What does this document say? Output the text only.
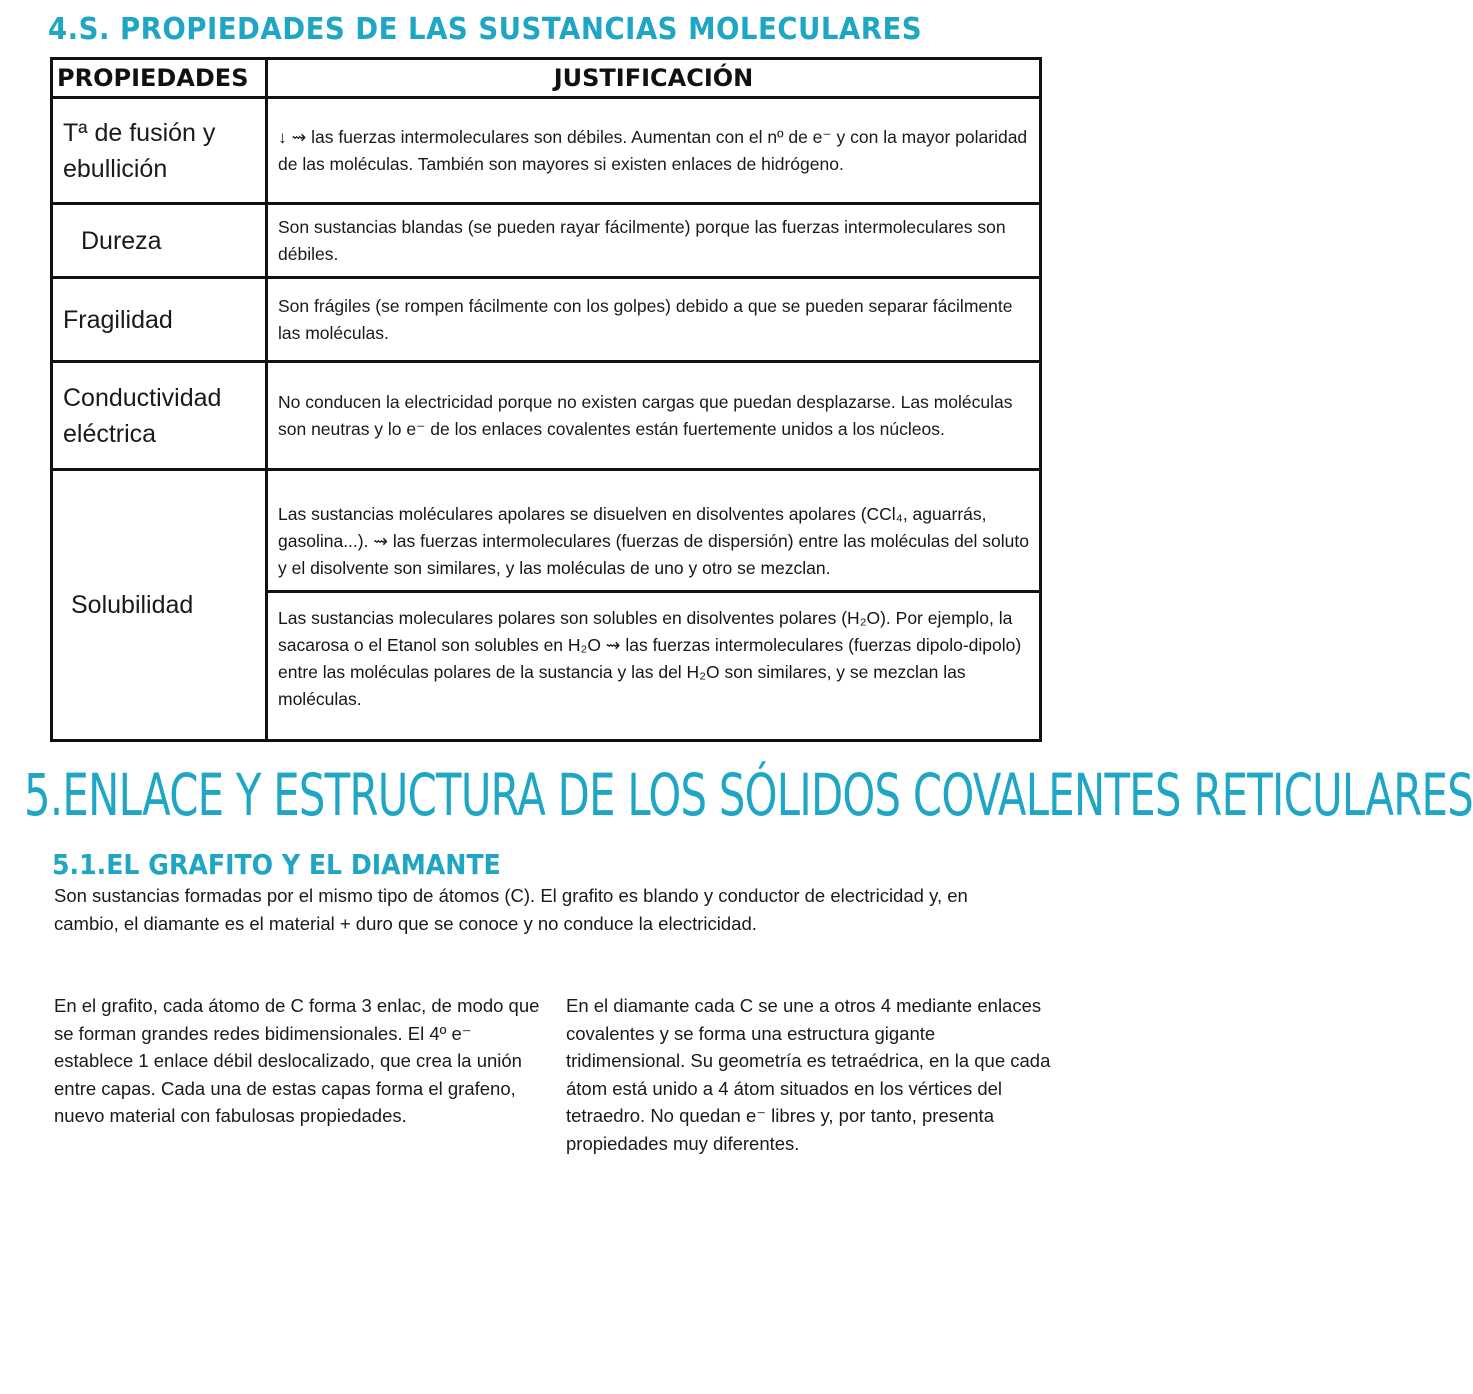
4.S. PROPIEDADES DE LAS SUSTANCIAS MOLECULARES
PROPIEDADES	JUSTIFICACIÓN
Tª de fusión y ebullición	↓ ⇝ las fuerzas intermoleculares son débiles. Aumentan con el nº de e⁻ y con la mayor polaridad de las moléculas. También son mayores si existen enlaces de hidrógeno.
Dureza	Son sustancias blandas (se pueden rayar fácilmente) porque las fuerzas intermoleculares son débiles.
Fragilidad	Son frágiles (se rompen fácilmente con los golpes) debido a que se pueden separar fácilmente las moléculas.
Conductividad eléctrica	No conducen la electricidad porque no existen cargas que puedan desplazarse. Las moléculas son neutras y lo e⁻ de los enlaces covalentes están fuertemente unidos a los núcleos.
Solubilidad	Las sustancias moléculares apolares se disuelven en disolventes apolares (CCl₄, aguarrás, gasolina...). ⇝ las fuerzas intermoleculares (fuerzas de dispersión) entre las moléculas del soluto y el disolvente son similares, y las moléculas de uno y otro se mezclan.
Las sustancias moleculares polares son solubles en disolventes polares (H₂O). Por ejemplo, la sacarosa o el Etanol son solubles en H₂O ⇝ las fuerzas intermoleculares (fuerzas dipolo-dipolo) entre las moléculas polares de la sustancia y las del H₂O son similares, y se mezclan las moléculas.
5.ENLACE Y ESTRUCTURA DE LOS SÓLIDOS COVALENTES RETICULARES
5.1.EL GRAFITO Y EL DIAMANTE
Son sustancias formadas por el mismo tipo de átomos (C). El grafito es blando y conductor de electricidad y, en cambio, el diamante es el material + duro que se conoce y no conduce la electricidad.
En el grafito, cada átomo de C forma 3 enlac, de modo que se forman grandes redes bidimensionales. El 4º e⁻ establece 1 enlace débil deslocalizado, que crea la unión entre capas. Cada una de estas capas forma el grafeno, nuevo material con fabulosas propiedades.
En el diamante cada C se une a otros 4 mediante enlaces covalentes y se forma una estructura gigante tridimensional. Su geometría es tetraédrica, en la que cada átom está unido a 4 átom situados en los vértices del tetraedro. No quedan e⁻ libres y, por tanto, presenta propiedades muy diferentes.
